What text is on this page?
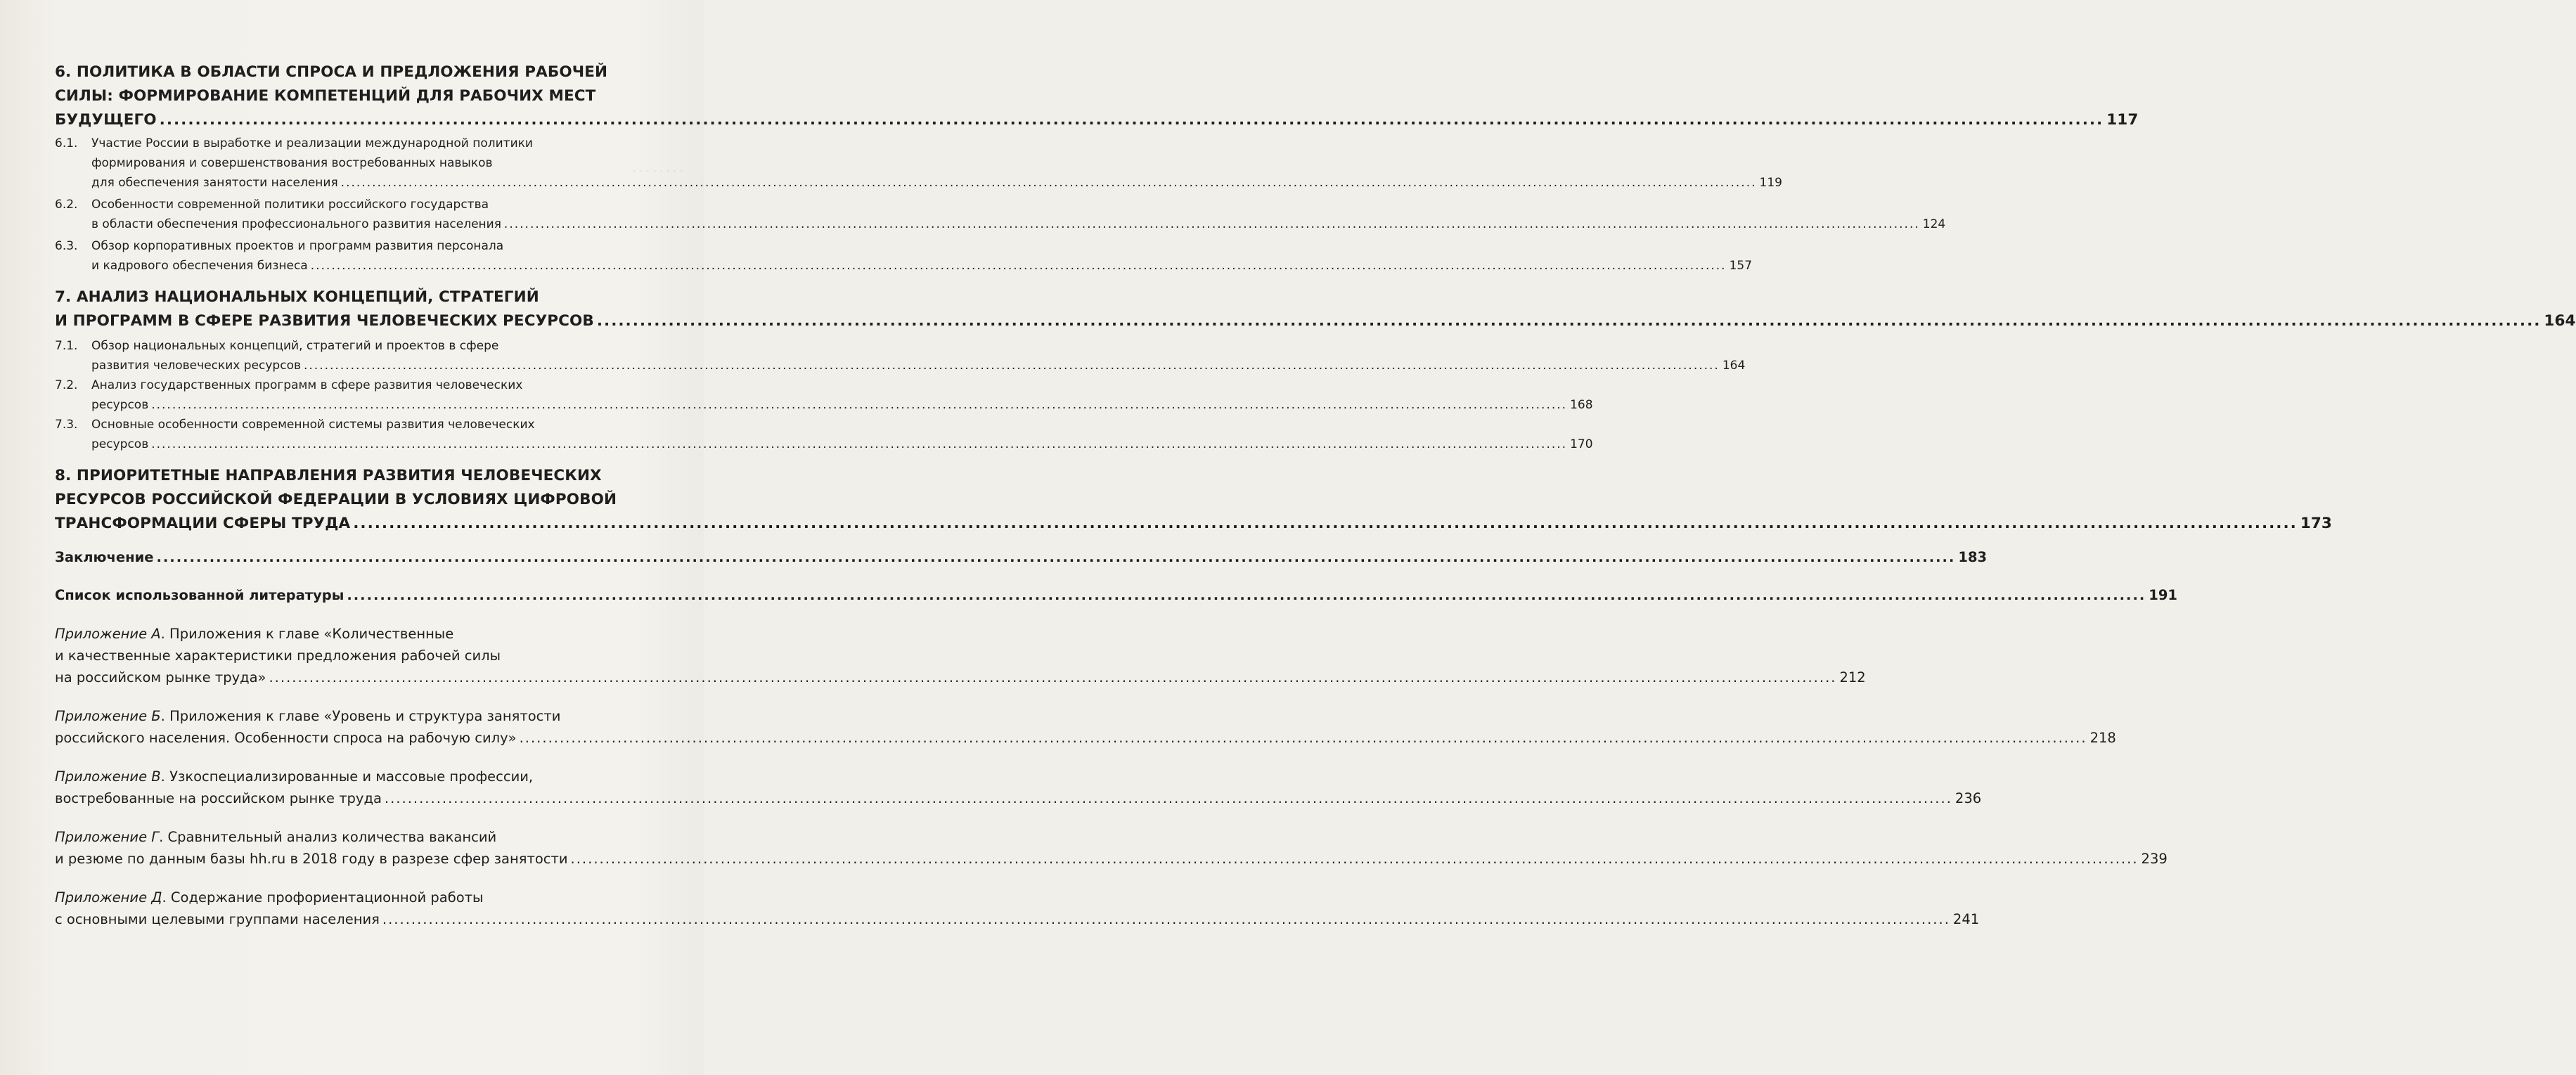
. . . . . . . .
6. ПОЛИТИКА В ОБЛАСТИ СПРОСА И ПРЕДЛОЖЕНИЯ РАБОЧЕЙ
СИЛЫ: ФОРМИРОВАНИЕ КОМПЕТЕНЦИЙ ДЛЯ РАБОЧИХ МЕСТ
БУДУЩЕГО .....	117
6.1.	Участие России в выработке и реализации международной политики
формирования и совершенствования востребованных навыков
для обеспечения занятости населения .....	119
6.2.	Особенности современной политики российского государства
в области обеспечения профессионального развития населения .....	124
6.3.	Обзор корпоративных проектов и программ развития персонала
и кадрового обеспечения бизнеса .....	157
7. АНАЛИЗ НАЦИОНАЛЬНЫХ КОНЦЕПЦИЙ, СТРАТЕГИЙ
И ПРОГРАММ В СФЕРЕ РАЗВИТИЯ ЧЕЛОВЕЧЕСКИХ РЕСУРСОВ .....	164
7.1.	Обзор национальных концепций, стратегий и проектов в сфере
развития человеческих ресурсов .....	164
7.2.	Анализ государственных программ в сфере развития человеческих
ресурсов .....	168
7.3.	Основные особенности современной системы развития человеческих
ресурсов .....	170
8. ПРИОРИТЕТНЫЕ НАПРАВЛЕНИЯ РАЗВИТИЯ ЧЕЛОВЕЧЕСКИХ
РЕСУРСОВ РОССИЙСКОЙ ФЕДЕРАЦИИ В УСЛОВИЯХ ЦИФРОВОЙ
ТРАНСФОРМАЦИИ СФЕРЫ ТРУДА .....	173
Заключение .....	183
Список использованной литературы .....	191
Приложение А. Приложения к главе «Количественные
и качественные характеристики предложения рабочей силы
на российском рынке труда» .....	212
Приложение Б. Приложения к главе «Уровень и структура занятости
российского населения. Особенности спроса на рабочую силу» .....	218
Приложение В. Узкоспециализированные и массовые профессии,
востребованные на российском рынке труда .....	236
Приложение Г. Сравнительный анализ количества вакансий
и резюме по данным базы hh.ru в 2018 году в разрезе сфер занятости .....	239
Приложение Д. Содержание профориентационной работы
с основными целевыми группами населения .....	241
